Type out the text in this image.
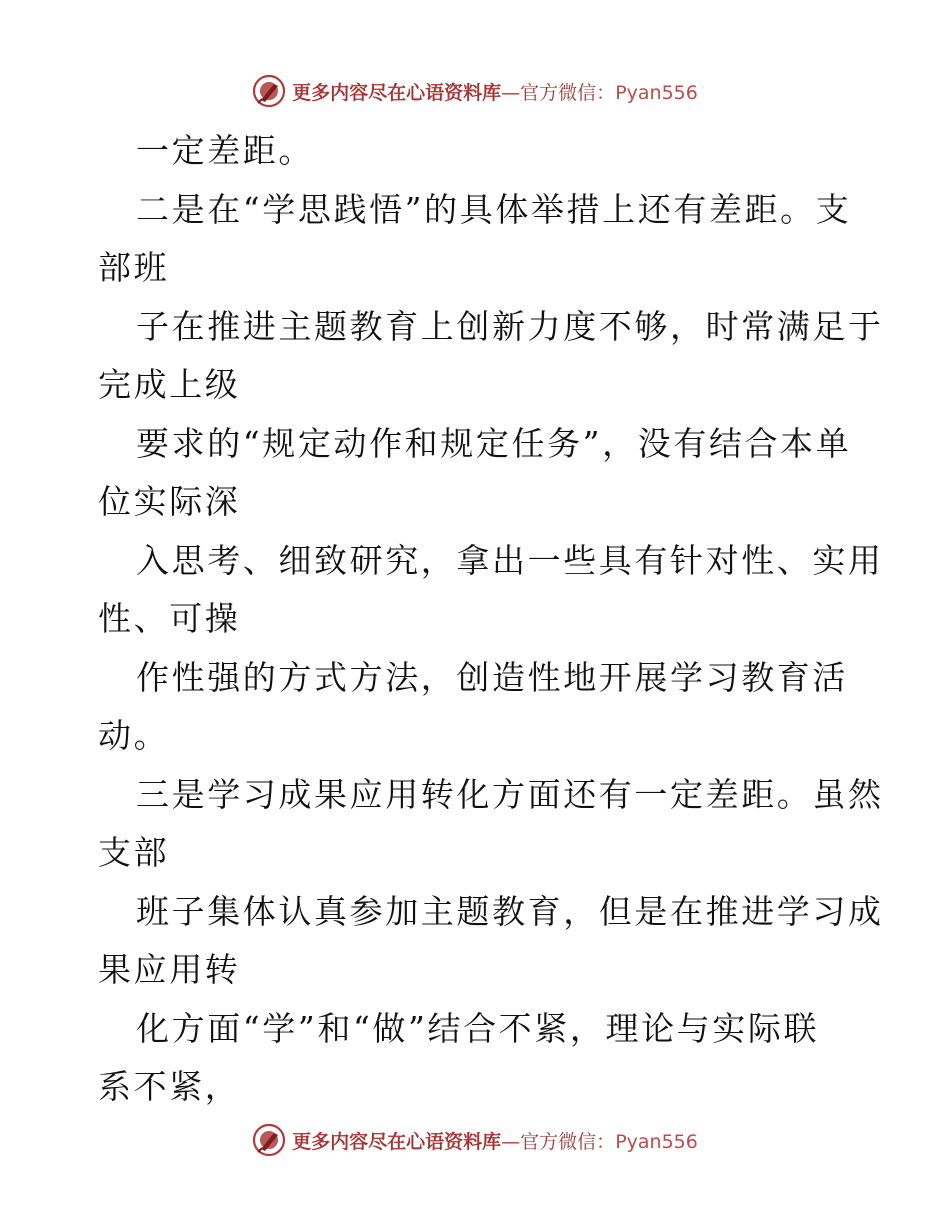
更多内容尽在心语资料库—官方微信：Pyan556
一定差距。
二是在“学思践悟”的具体举措上还有差距。支
部班
子在推进主题教育上创新力度不够，时常满足于
完成上级
要求的“规定动作和规定任务”，没有结合本单
位实际深
入思考、细致研究，拿出一些具有针对性、实用
性、可操
作性强的方式方法，创造性地开展学习教育活
动。
三是学习成果应用转化方面还有一定差距。虽然
支部
班子集体认真参加主题教育，但是在推进学习成
果应用转
化方面“学”和“做”结合不紧，理论与实际联
系不紧，
更多内容尽在心语资料库—官方微信：Pyan556
